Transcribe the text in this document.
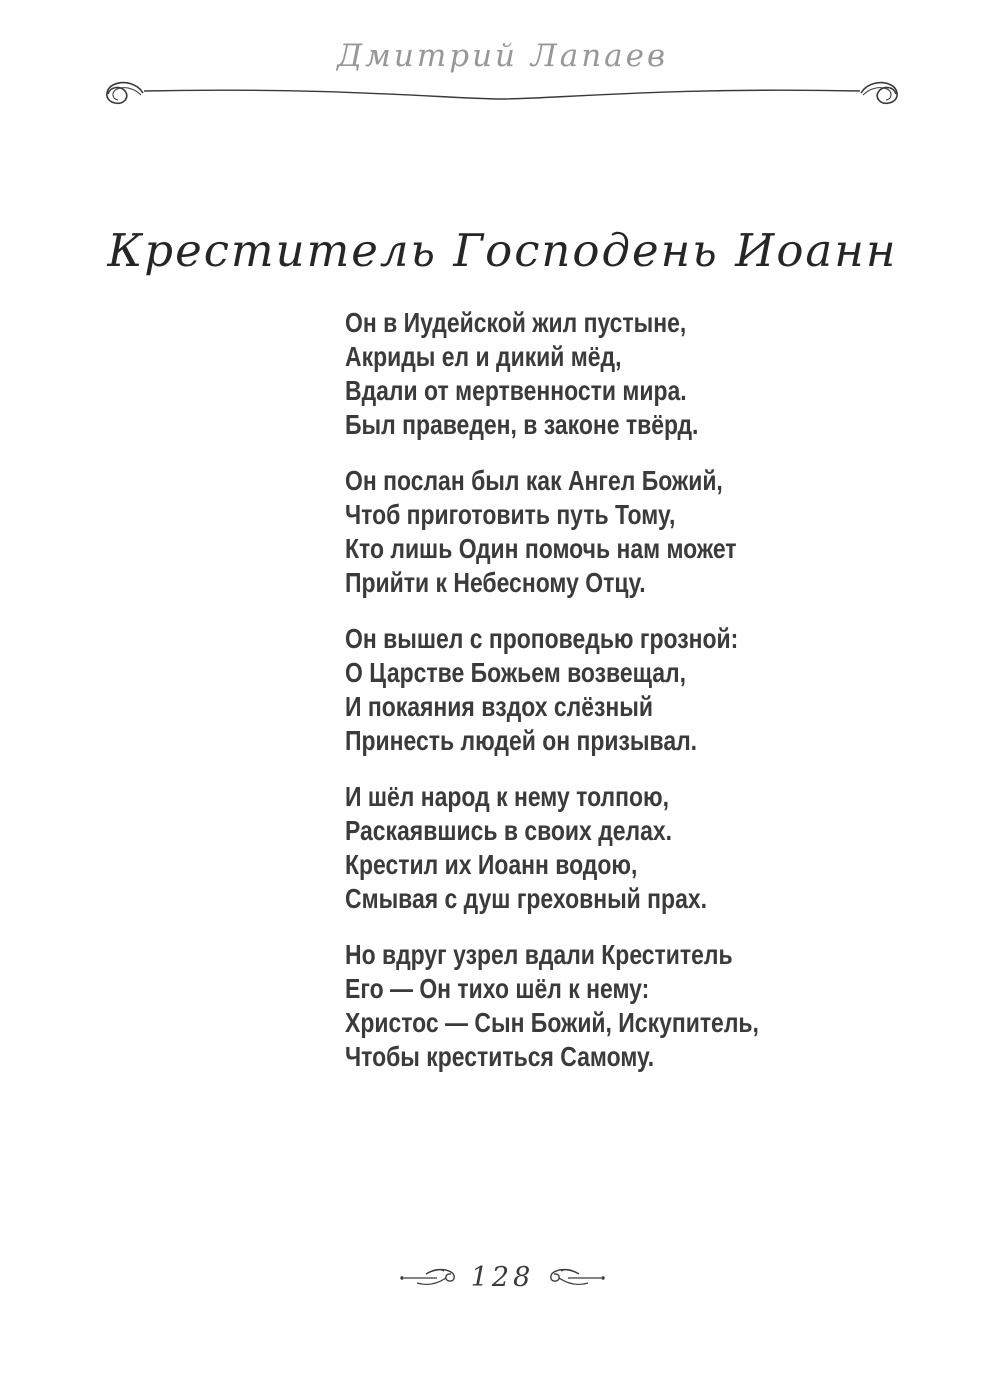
Дмитрий Лапаев
Креститель Господень Иоанн

Он в Иудейской жил пустыне,

Акриды ел и дикий мёд,

Вдали от мертвенности мира.

Был праведен, в законе твёрд.

Он послан был как Ангел Божий,

Чтоб приготовить путь Тому,

Кто лишь Один помочь нам может

Прийти к Небесному Отцу.

Он вышел с проповедью грозной:

О Царстве Божьем возвещал,

И покаяния вздох слёзный

Принесть людей он призывал.

И шёл народ к нему толпою,

Раскаявшись в своих делах.

Крестил их Иоанн водою,

Смывая с душ греховный прах.

Но вдруг узрел вдали Креститель

Его — Он тихо шёл к нему:

Христос — Сын Божий, Искупитель,

Чтобы креститься Самому.

128
